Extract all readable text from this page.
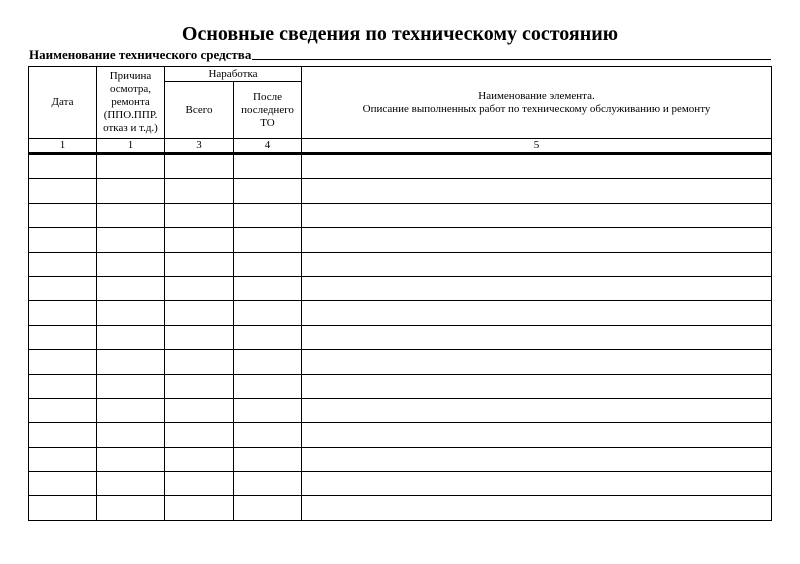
Основные сведения по техническому состоянию
Наименование технического средства
Дата	Причина осмотра, ремонта (ППО.ППР. отказ и т.д.)	Наработка		Наименование элемента.
Описание выполненных работ по техническому обслуживанию и ремонту

		Всего	После последнего ТО	
1	1	3	4	5
